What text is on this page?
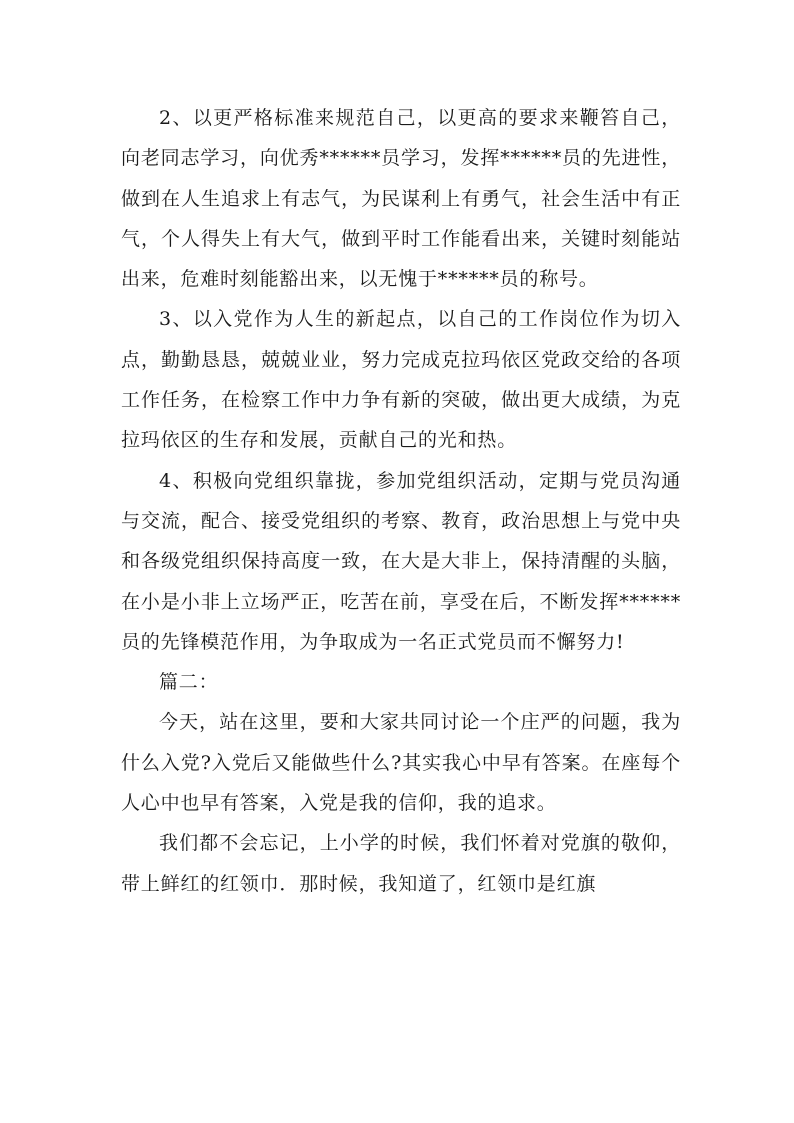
2、以更严格标准来规范自己，以更高的要求来鞭笞自己，向老同志学习，向优秀******员学习，发挥******员的先进性，做到在人生追求上有志气，为民谋利上有勇气，社会生活中有正气，个人得失上有大气，做到平时工作能看出来，关键时刻能站出来，危难时刻能豁出来，以无愧于******员的称号。

3、以入党作为人生的新起点，以自己的工作岗位作为切入点，勤勤恳恳，兢兢业业，努力完成克拉玛依区党政交给的各项工作任务，在检察工作中力争有新的突破，做出更大成绩，为克拉玛依区的生存和发展，贡献自己的光和热。

4、积极向党组织靠拢，参加党组织活动，定期与党员沟通与交流，配合、接受党组织的考察、教育，政治思想上与党中央和各级党组织保持高度一致，在大是大非上，保持清醒的头脑，在小是小非上立场严正，吃苦在前，享受在后，不断发挥******员的先锋模范作用，为争取成为一名正式党员而不懈努力!

篇二：

今天，站在这里，要和大家共同讨论一个庄严的问题，我为什么入党?入党后又能做些什么?其实我心中早有答案。在座每个人心中也早有答案，入党是我的信仰，我的追求。

我们都不会忘记，上小学的时候，我们怀着对党旗的敬仰，带上鲜红的红领巾．那时候，我知道了，红领巾是红旗
